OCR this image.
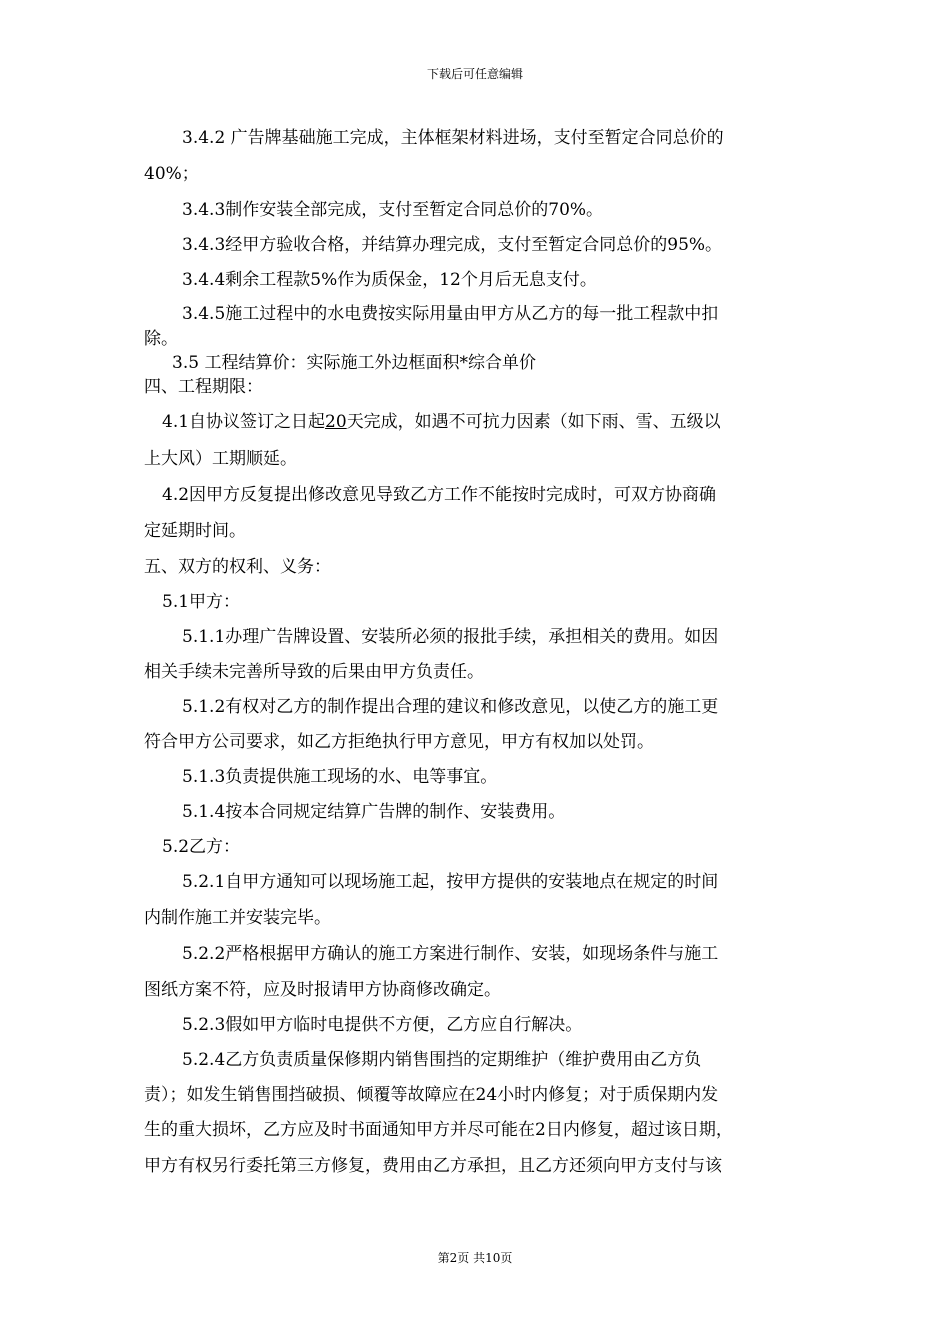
下载后可任意编辑
3.4.2 广告牌基础施工完成，主体框架材料进场，支付至暂定合同总价的
40%；
3.4.3制作安装全部完成，支付至暂定合同总价的70%。
3.4.3经甲方验收合格，并结算办理完成，支付至暂定合同总价的95%。
3.4.4剩余工程款5%作为质保金，12个月后无息支付。
3.4.5施工过程中的水电费按实际用量由甲方从乙方的每一批工程款中扣
除。
3.5 工程结算价：实际施工外边框面积*综合单价
四、工程期限：
4.1自协议签订之日起20天完成，如遇不可抗力因素（如下雨、雪、五级以
上大风）工期顺延。
4.2因甲方反复提出修改意见导致乙方工作不能按时完成时，可双方协商确
定延期时间。
五、双方的权利、义务：
5.1甲方：
5.1.1办理广告牌设置、安装所必须的报批手续，承担相关的费用。如因
相关手续未完善所导致的后果由甲方负责任。
5.1.2有权对乙方的制作提出合理的建议和修改意见，以使乙方的施工更
符合甲方公司要求，如乙方拒绝执行甲方意见，甲方有权加以处罚。
5.1.3负责提供施工现场的水、电等事宜。
5.1.4按本合同规定结算广告牌的制作、安装费用。
5.2乙方：
5.2.1自甲方通知可以现场施工起，按甲方提供的安装地点在规定的时间
内制作施工并安装完毕。
5.2.2严格根据甲方确认的施工方案进行制作、安装，如现场条件与施工
图纸方案不符，应及时报请甲方协商修改确定。
5.2.3假如甲方临时电提供不方便，乙方应自行解决。
5.2.4乙方负责质量保修期内销售围挡的定期维护（维护费用由乙方负
责）；如发生销售围挡破损、倾覆等故障应在24小时内修复；对于质保期内发
生的重大损坏，乙方应及时书面通知甲方并尽可能在2日内修复，超过该日期，
甲方有权另行委托第三方修复，费用由乙方承担，且乙方还须向甲方支付与该
第2页 共10页
